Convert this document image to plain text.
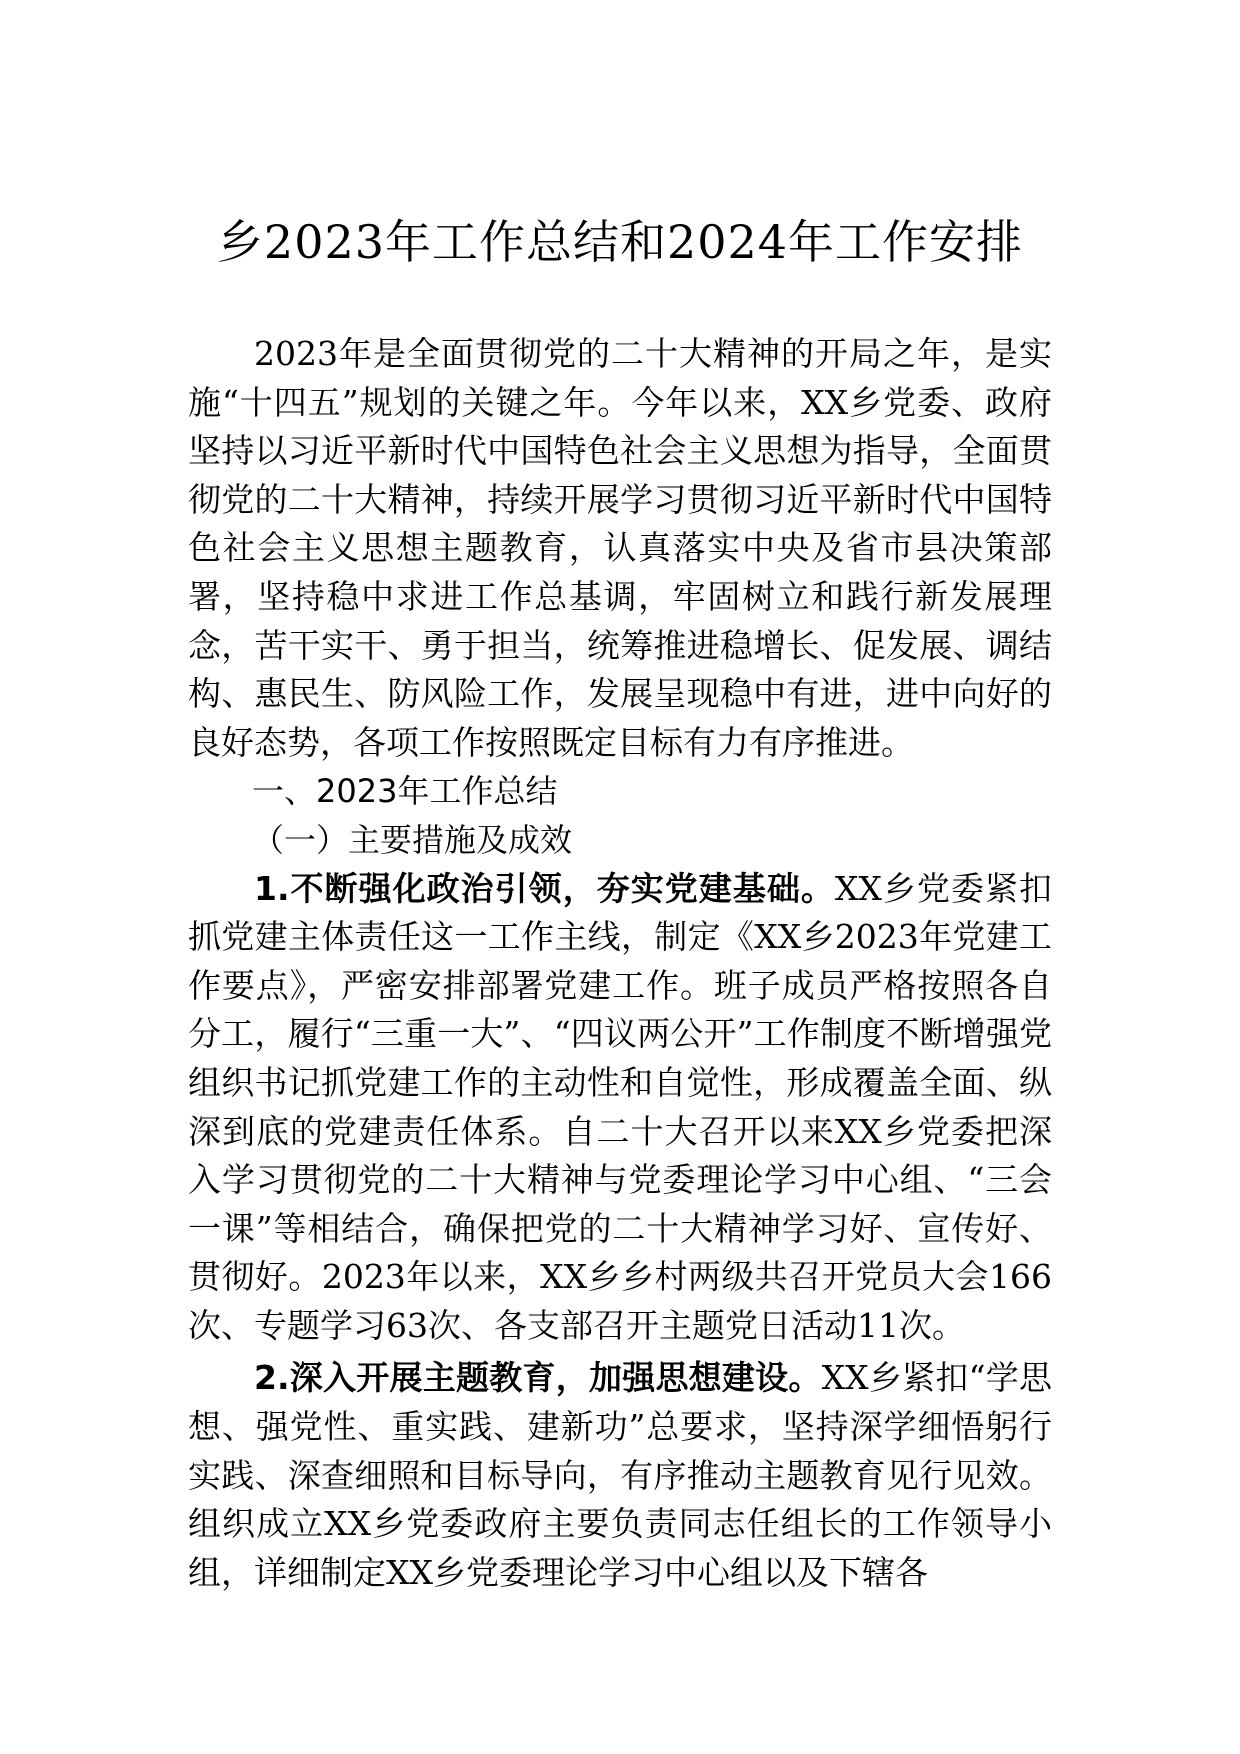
乡2023年工作总结和2024年工作安排

2023年是全面贯彻党的二十大精神的开局之年，是实施“十四五”规划的关键之年。今年以来，XX乡党委、政府坚持以习近平新时代中国特色社会主义思想为指导，全面贯彻党的二十大精神，持续开展学习贯彻习近平新时代中国特色社会主义思想主题教育，认真落实中央及省市县决策部署，坚持稳中求进工作总基调，牢固树立和践行新发展理念，苦干实干、勇于担当，统筹推进稳增长、促发展、调结构、惠民生、防风险工作，发展呈现稳中有进，进中向好的良好态势，各项工作按照既定目标有力有序推进。

一、2023年工作总结

（一）主要措施及成效

1.不断强化政治引领，夯实党建基础。XX乡党委紧扣抓党建主体责任这一工作主线，制定《XX乡2023年党建工作要点》，严密安排部署党建工作。班子成员严格按照各自分工，履行“三重一大”、“四议两公开”工作制度不断增强党组织书记抓党建工作的主动性和自觉性，形成覆盖全面、纵深到底的党建责任体系。自二十大召开以来XX乡党委把深入学习贯彻党的二十大精神与党委理论学习中心组、“三会一课”等相结合，确保把党的二十大精神学习好、宣传好、贯彻好。2023年以来，XX乡乡村两级共召开党员大会166次、专题学习63次、各支部召开主题党日活动11次。

2.深入开展主题教育，加强思想建设。XX乡紧扣“学思想、强党性、重实践、建新功”总要求，坚持深学细悟躬行实践、深查细照和目标导向，有序推动主题教育见行见效。组织成立XX乡党委政府主要负责同志任组长的工作领导小组，详细制定XX乡党委理论学习中心组以及下辖各
